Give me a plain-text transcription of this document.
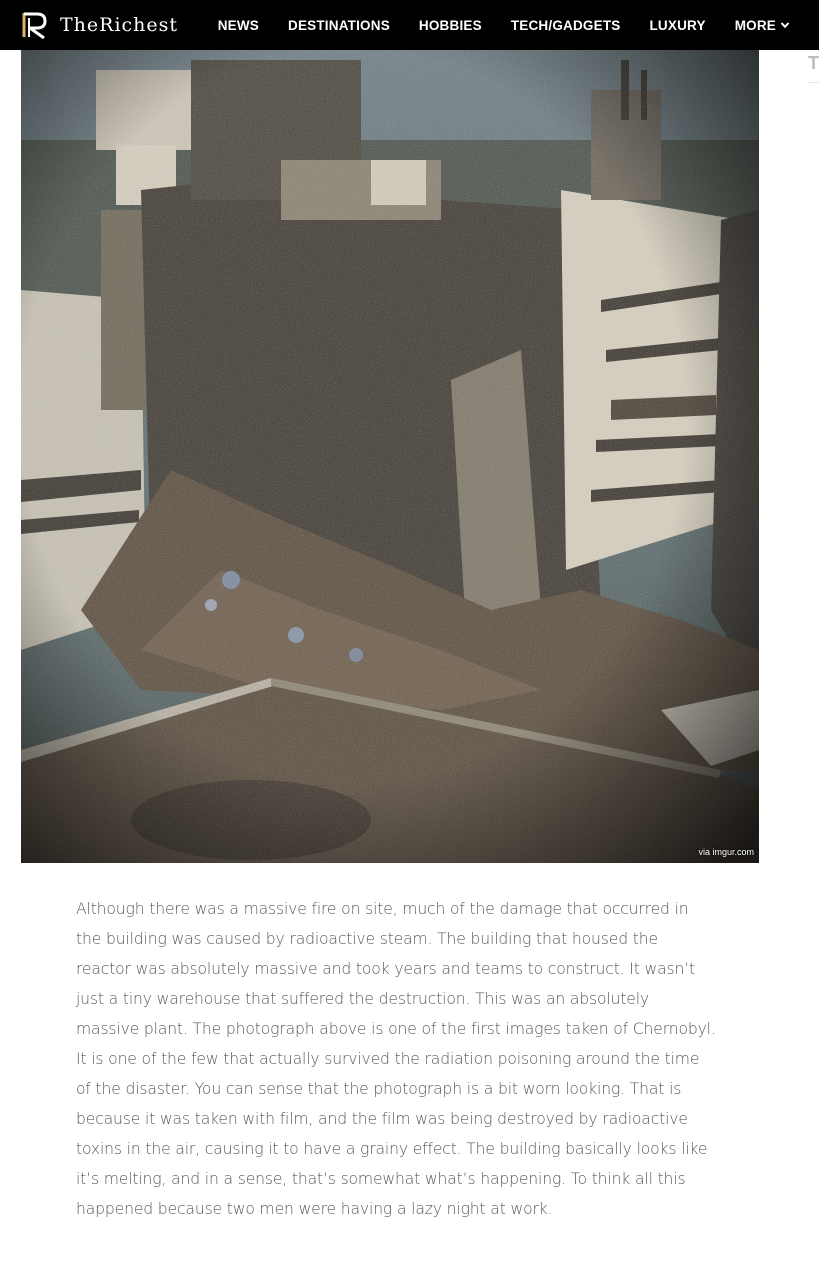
TheRichest	NEWS DESTINATIONS HOBBIES TECH/GADGETS LUXURY MORE
via imgur.com
T

Although there was a massive fire on site, much of the damage that occurred in the building was caused by radioactive steam. The building that housed the reactor was absolutely massive and took years and teams to construct. It wasn’t just a tiny warehouse that suffered the destruction. This was an absolutely massive plant. The photograph above is one of the first images taken of Chernobyl. It is one of the few that actually survived the radiation poisoning around the time of the disaster. You can sense that the photograph is a bit worn looking. That is because it was taken with film, and the film was being destroyed by radioactive toxins in the air, causing it to have a grainy effect. The building basically looks like it’s melting, and in a sense, that’s somewhat what’s happening. To think all this happened because two men were having a lazy night at work.
